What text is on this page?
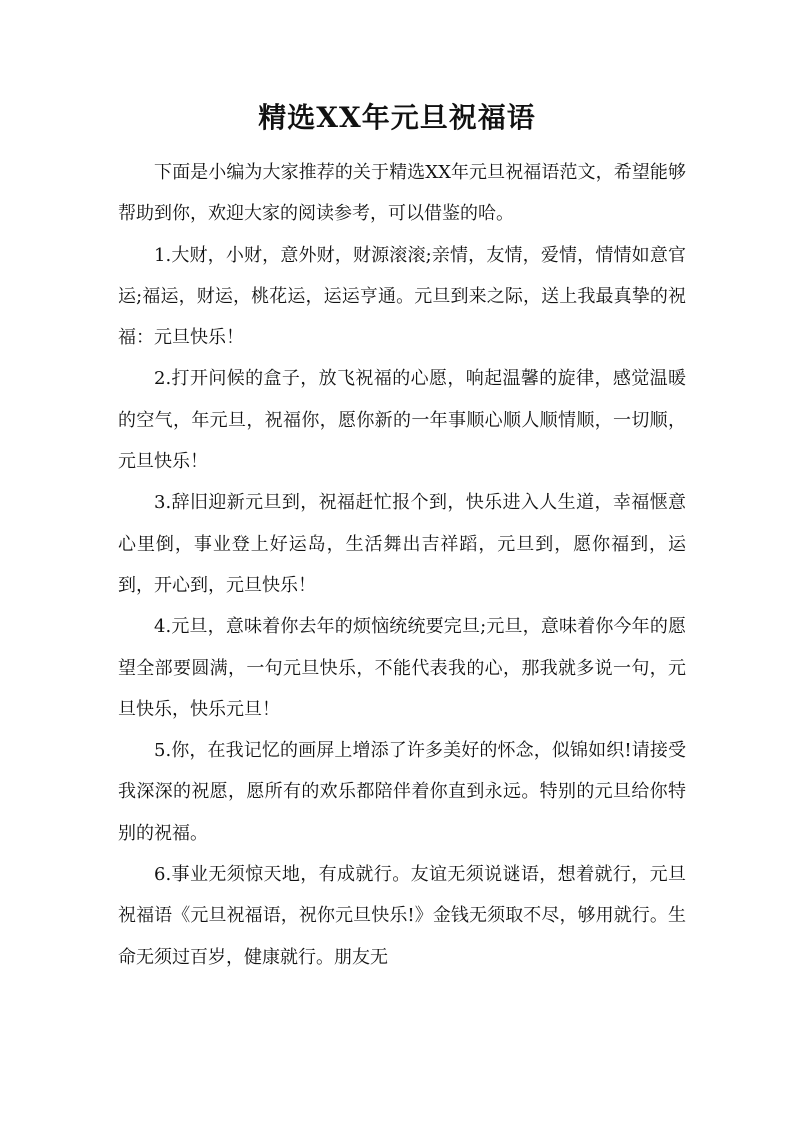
精选XX年元旦祝福语

下面是小编为大家推荐的关于精选XX年元旦祝福语范文，希望能够帮助到你，欢迎大家的阅读参考，可以借鉴的哈。

1.大财，小财，意外财，财源滚滚;亲情，友情，爱情，情情如意官运;福运，财运，桃花运，运运亨通。元旦到来之际，送上我最真挚的祝福：元旦快乐！

2.打开问候的盒子，放飞祝福的心愿，响起温馨的旋律，感觉温暖的空气，年元旦，祝福你，愿你新的一年事顺心顺人顺情顺，一切顺，元旦快乐！

3.辞旧迎新元旦到，祝福赶忙报个到，快乐进入人生道，幸福惬意心里倒，事业登上好运岛，生活舞出吉祥蹈，元旦到，愿你福到，运到，开心到，元旦快乐！

4.元旦，意味着你去年的烦恼统统要完旦;元旦，意味着你今年的愿望全部要圆满，一句元旦快乐，不能代表我的心，那我就多说一句，元旦快乐，快乐元旦！

5.你，在我记忆的画屏上增添了许多美好的怀念，似锦如织!请接受我深深的祝愿，愿所有的欢乐都陪伴着你直到永远。特别的元旦给你特别的祝福。

6.事业无须惊天地，有成就行。友谊无须说谜语，想着就行，元旦祝福语《元旦祝福语，祝你元旦快乐!》金钱无须取不尽，够用就行。生命无须过百岁，健康就行。朋友无
